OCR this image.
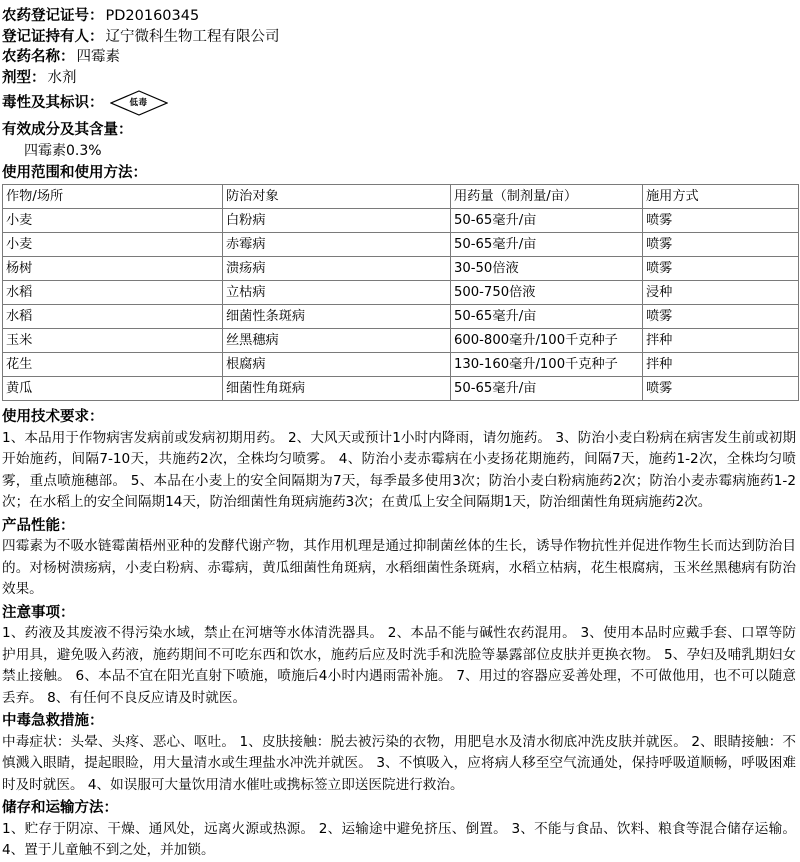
农药登记证号： PD20160345
登记证持有人： 辽宁微科生物工程有限公司
农药名称： 四霉素
剂型： 水剂
毒性及其标识：	低毒
有效成分及其含量：
四霉素0.3%
使用范围和使用方法：
作物/场所	防治对象	用药量（制剂量/亩）	施用方式
小麦	白粉病	50-65毫升/亩	喷雾
小麦	赤霉病	50-65毫升/亩	喷雾
杨树	溃疡病	30-50倍液	喷雾
水稻	立枯病	500-750倍液	浸种
水稻	细菌性条斑病	50-65毫升/亩	喷雾
玉米	丝黑穗病	600-800毫升/100千克种子	拌种
花生	根腐病	130-160毫升/100千克种子	拌种
黄瓜	细菌性角斑病	50-65毫升/亩	喷雾
使用技术要求：
1、本品用于作物病害发病前或发病初期用药。 2、大风天或预计1小时内降雨，请勿施药。 3、防治小麦白粉病在病害发生前或初期开始施药，间隔7-10天，共施药2次，全株均匀喷雾。 4、防治小麦赤霉病在小麦扬花期施药，间隔7天，施药1-2次，全株均匀喷雾，重点喷施穗部。 5、本品在小麦上的安全间隔期为7天，每季最多使用3次；防治小麦白粉病施药2次；防治小麦赤霉病施药1-2次；在水稻上的安全间隔期14天，防治细菌性角斑病施药3次；在黄瓜上安全间隔期1天，防治细菌性角斑病施药2次。
产品性能：
四霉素为不吸水链霉菌梧州亚种的发酵代谢产物，其作用机理是通过抑制菌丝体的生长，诱导作物抗性并促进作物生长而达到防治目的。对杨树溃疡病，小麦白粉病、赤霉病，黄瓜细菌性角斑病，水稻细菌性条斑病，水稻立枯病，花生根腐病，玉米丝黑穗病有防治效果。
注意事项：
1、药液及其废液不得污染水域，禁止在河塘等水体清洗器具。 2、本品不能与碱性农药混用。 3、使用本品时应戴手套、口罩等防护用具，避免吸入药液，施药期间不可吃东西和饮水，施药后应及时洗手和洗脸等暴露部位皮肤并更换衣物。 5、孕妇及哺乳期妇女禁止接触。 6、本品不宜在阳光直射下喷施，喷施后4小时内遇雨需补施。 7、用过的容器应妥善处理，不可做他用，也不可以随意丢弃。 8、有任何不良反应请及时就医。
中毒急救措施：
中毒症状：头晕、头疼、恶心、呕吐。 1、皮肤接触：脱去被污染的衣物，用肥皂水及清水彻底冲洗皮肤并就医。 2、眼睛接触：不慎溅入眼睛，提起眼睑，用大量清水或生理盐水冲洗并就医。 3、不慎吸入，应将病人移至空气流通处，保持呼吸道顺畅，呼吸困难时及时就医。 4、如误服可大量饮用清水催吐或携标签立即送医院进行救治。
储存和运输方法：
1、贮存于阴凉、干燥、通风处，远离火源或热源。 2、运输途中避免挤压、倒置。 3、不能与食品、饮料、粮食等混合储存运输。 4、置于儿童触不到之处，并加锁。
